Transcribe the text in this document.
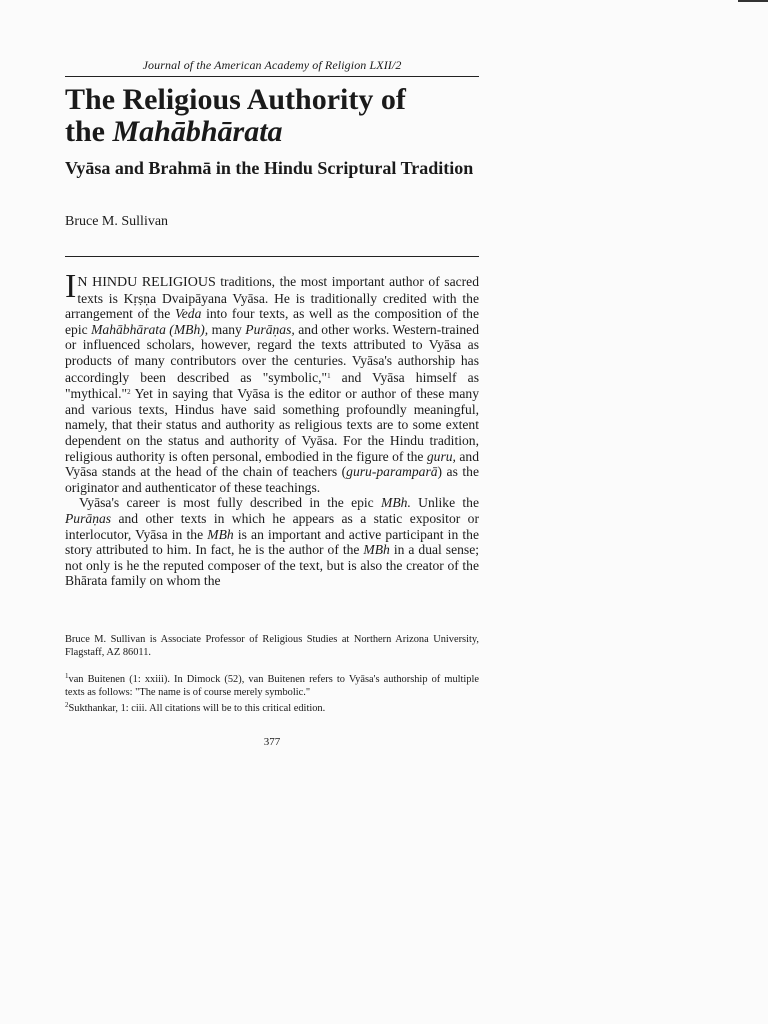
Journal of the American Academy of Religion LXII/2
The Religious Authority of
the Mahābhārata
Vyāsa and Brahmā in the Hindu Scriptural Tradition
Bruce M. Sullivan

I N HINDU RELIGIOUS traditions, the most important author of sacred texts is Kṛṣṇa Dvaipāyana Vyāsa. He is traditionally credited with the arrangement of the Veda into four texts, as well as the composition of the epic Mahābhārata (MBh), many Purāṇas, and other works. Western-trained or influenced scholars, however, regard the texts attributed to Vyāsa as products of many contributors over the centuries. Vyāsa's authorship has accordingly been described as "symbolic,"$^1$ and Vyāsa himself as "mythical."$^2$ Yet in saying that Vyāsa is the editor or author of these many and various texts, Hindus have said something profoundly meaningful, namely, that their status and authority as religious texts are to some extent dependent on the status and authority of Vyāsa. For the Hindu tradition, religious authority is often personal, embodied in the figure of the guru, and Vyāsa stands at the head of the chain of teachers (guru-paramparā) as the originator and authenticator of these teachings.

Vyāsa's career is most fully described in the epic MBh. Unlike the Purāṇas and other texts in which he appears as a static expositor or interlocutor, Vyāsa in the MBh is an important and active participant in the story attributed to him. In fact, he is the author of the MBh in a dual sense; not only is he the reputed composer of the text, but is also the creator of the Bhārata family on whom the

Bruce M. Sullivan is Associate Professor of Religious Studies at Northern Arizona University, Flagstaff, AZ 86011.

$^1$van Buitenen (1: xxiii). In Dimock (52), van Buitenen refers to Vyāsa's authorship of multiple texts as follows: "The name is of course merely symbolic."

$^2$Sukthankar, 1: ciii. All citations will be to this critical edition.

377
